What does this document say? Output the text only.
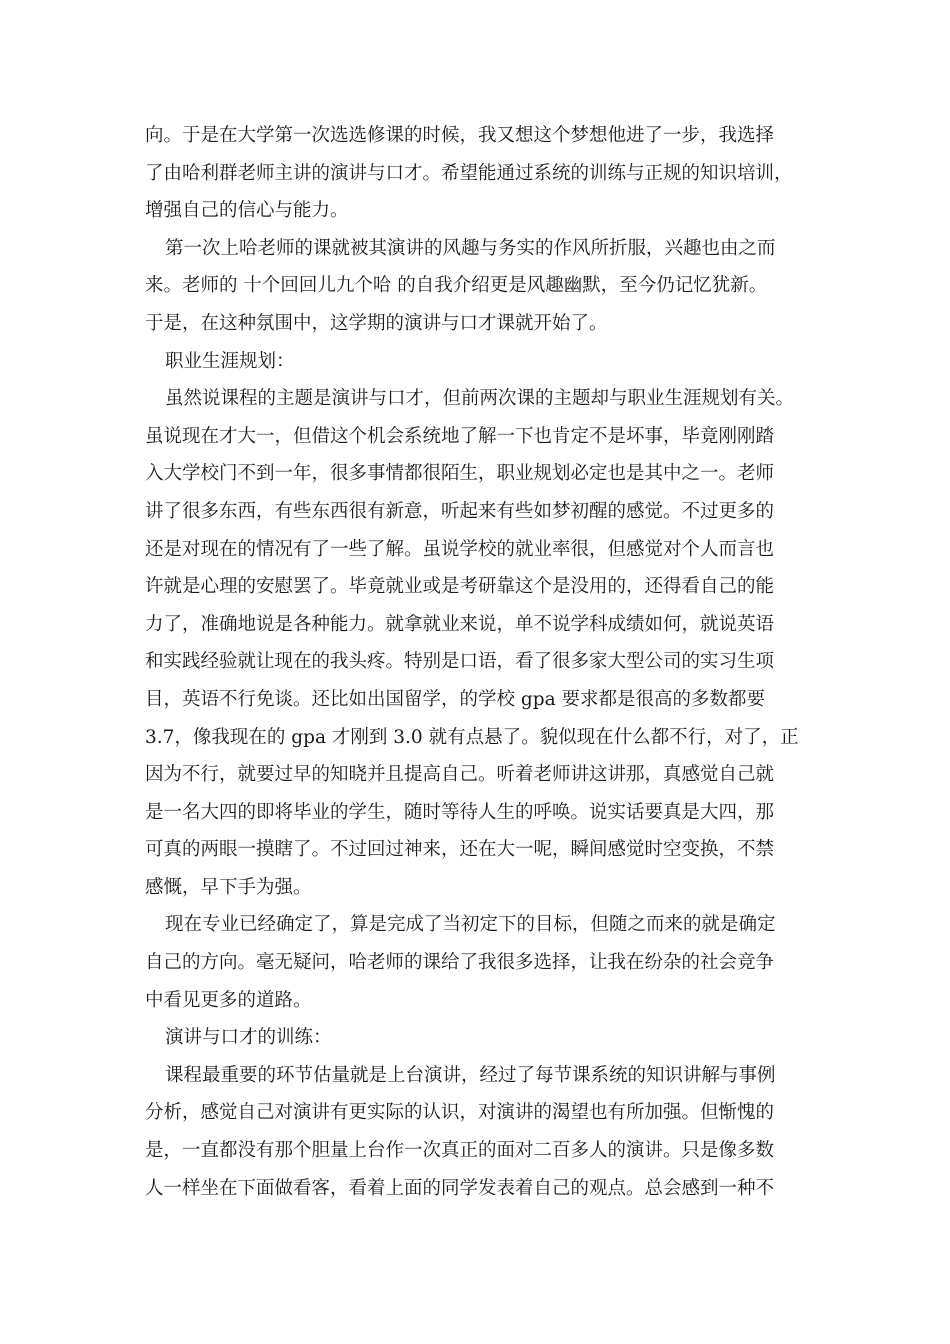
向。于是在大学第一次选选修课的时候，我又想这个梦想他进了一步，我选择
了由哈利群老师主讲的演讲与口才。希望能通过系统的训练与正规的知识培训，
增强自己的信心与能力。
第一次上哈老师的课就被其演讲的风趣与务实的作风所折服，兴趣也由之而
来。老师的 十个回回儿九个哈 的自我介绍更是风趣幽默，至今仍记忆犹新。
于是，在这种氛围中，这学期的演讲与口才课就开始了。
职业生涯规划：
虽然说课程的主题是演讲与口才，但前两次课的主题却与职业生涯规划有关。
虽说现在才大一，但借这个机会系统地了解一下也肯定不是坏事，毕竟刚刚踏
入大学校门不到一年，很多事情都很陌生，职业规划必定也是其中之一。老师
讲了很多东西，有些东西很有新意，听起来有些如梦初醒的感觉。不过更多的
还是对现在的情况有了一些了解。虽说学校的就业率很，但感觉对个人而言也
许就是心理的安慰罢了。毕竟就业或是考研靠这个是没用的，还得看自己的能
力了，准确地说是各种能力。就拿就业来说，单不说学科成绩如何，就说英语
和实践经验就让现在的我头疼。特别是口语，看了很多家大型公司的实习生项
目，英语不行免谈。还比如出国留学，的学校 gpa 要求都是很高的多数都要
3.7，像我现在的 gpa 才刚到 3.0 就有点悬了。貌似现在什么都不行，对了，正
因为不行，就要过早的知晓并且提高自己。听着老师讲这讲那，真感觉自己就
是一名大四的即将毕业的学生，随时等待人生的呼唤。说实话要真是大四，那
可真的两眼一摸瞎了。不过回过神来，还在大一呢，瞬间感觉时空变换，不禁
感慨，早下手为强。
现在专业已经确定了，算是完成了当初定下的目标，但随之而来的就是确定
自己的方向。毫无疑问，哈老师的课给了我很多选择，让我在纷杂的社会竞争
中看见更多的道路。
演讲与口才的训练：
课程最重要的环节估量就是上台演讲，经过了每节课系统的知识讲解与事例
分析，感觉自己对演讲有更实际的认识，对演讲的渴望也有所加强。但惭愧的
是，一直都没有那个胆量上台作一次真正的面对二百多人的演讲。只是像多数
人一样坐在下面做看客，看着上面的同学发表着自己的观点。总会感到一种不
